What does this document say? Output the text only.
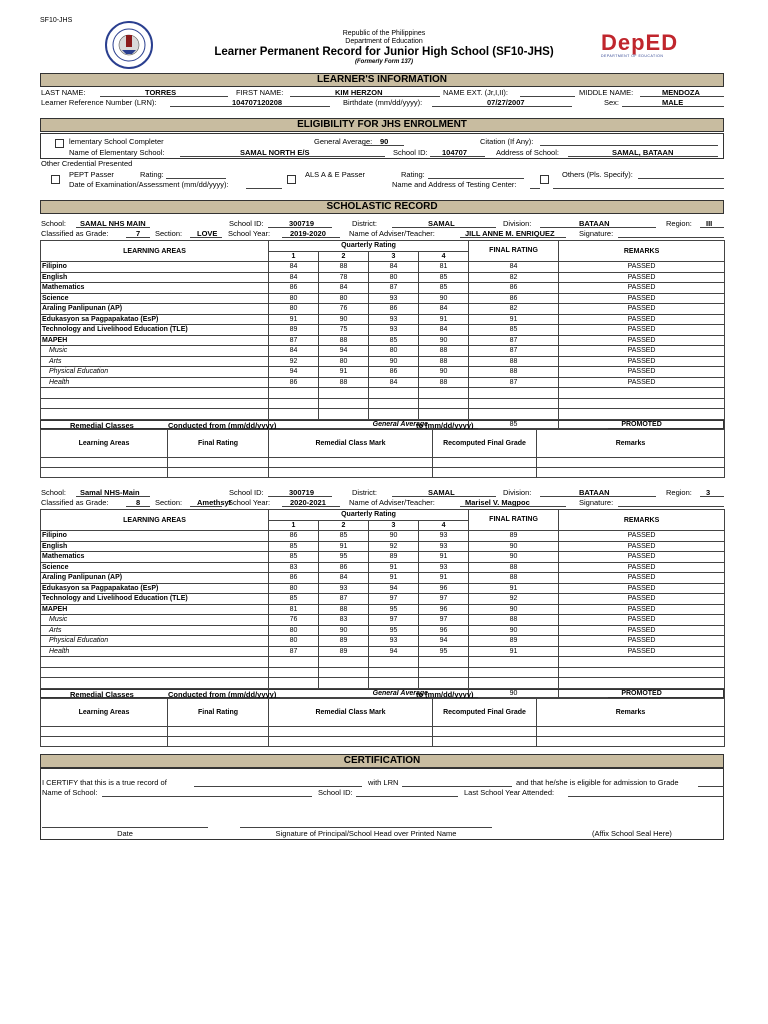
SF10-JHS
Republic of the Philippines
Department of Education
Learner Permanent Record for Junior High School (SF10-JHS)
(Formerly Form 137)
DepED
DEPARTMENT OF EDUCATION
LEARNER'S INFORMATION
LAST NAME:	TORRES	FIRST NAME:	KIM HERZON	NAME EXT. (Jr,I,II):	MIDDLE NAME:	MENDOZA
Learner Reference Number (LRN):	104707120208	Birthdate (mm/dd/yyyy):	07/27/2007	Sex:	MALE
ELIGIBILITY FOR JHS ENROLMENT
lementary School Completer	General Average: 90	Citation (If Any):
Name of Elementary School:	SAMAL NORTH E/S	School ID: 104707	Address of School:	SAMAL, BATAAN
Other Credential Presented
PEPT Passer	Rating:	ALS A & E Passer	Rating:	Others (Pls. Specify):
Date of Examination/Assessment (mm/dd/yyyy):	Name and Address of Testing Center:
SCHOLASTIC RECORD
School: SAMAL NHS MAIN	School ID:	300719	District:	SAMAL	Division:	BATAAN	Region: III
Classified as Grade:	7 Section: LOVE School Year:	2019-2020	Name of Adviser/Teacher:	JILL ANNE M. ENRIQUEZ	Signature:
LEARNING AREAS	Quarterly Rating				FINAL RATING	REMARKS
	1	2	3	4		
Filipino	84	88	84	81	84	PASSED
English	84	78	80	85	82	PASSED
Mathematics	86	84	87	85	86	PASSED
Science	80	80	93	90	86	PASSED
Araling Panlipunan (AP)	80	76	86	84	82	PASSED
Edukasyon sa Pagpapakatao (EsP)	91	90	93	91	91	PASSED
Technology and Livelihood Education (TLE)	89	75	93	84	85	PASSED
MAPEH	87	88	85	90	87	PASSED
Music	84	94	80	88	87	PASSED
Arts	92	80	90	88	88	PASSED
Physical Education	94	91	86	90	88	PASSED
Health	86	88	84	88	87	PASSED

	General Average				85	PROMOTED
Remedial Classes	Conducted from (mm/dd/yyyy)	to (mm/dd/yyyy)
Learning Areas	Final Rating	Remedial Class Mark	Recomputed Final Grade	Remarks

School: Samal NHS-Main	School ID:	300719	District:	SAMAL	Division:	BATAAN	Region: 3
Classified as Grade:	8 Section: Amethsyt
School Year:	2020-2021	Name of Adviser/Teacher:	Marisel V. Magpoc	Signature:
LEARNING AREAS	Quarterly Rating				FINAL RATING	REMARKS
	1	2	3	4		
Filipino	86	85	90	93	89	PASSED
English	85	91	92	93	90	PASSED
Mathematics	85	95	89	91	90	PASSED
Science	83	86	91	93	88	PASSED
Araling Panlipunan (AP)	86	84	91	91	88	PASSED
Edukasyon sa Pagpapakatao (EsP)	80	93	94	96	91	PASSED
Technology and Livelihood Education (TLE)	85	87	97	97	92	PASSED
MAPEH	81	88	95	96	90	PASSED
Music	76	83	97	97	88	PASSED
Arts	80	90	95	96	90	PASSED
Physical Education	80	89	93	94	89	PASSED
Health	87	89	94	95	91	PASSED

	General Average				90	PROMOTED
Remedial Classes	Conducted from (mm/dd/yyyy)	to (mm/dd/yyyy)
Learning Areas	Final Rating	Remedial Class Mark	Recomputed Final Grade	Remarks

CERTIFICATION
I CERTIFY that this is a true record of	with LRN	and that he/she is eligible for admission to Grade
Name of School:	School ID:	Last School Year Attended:
Date	Signature of Principal/School Head over Printed Name	(Affix School Seal Here)
